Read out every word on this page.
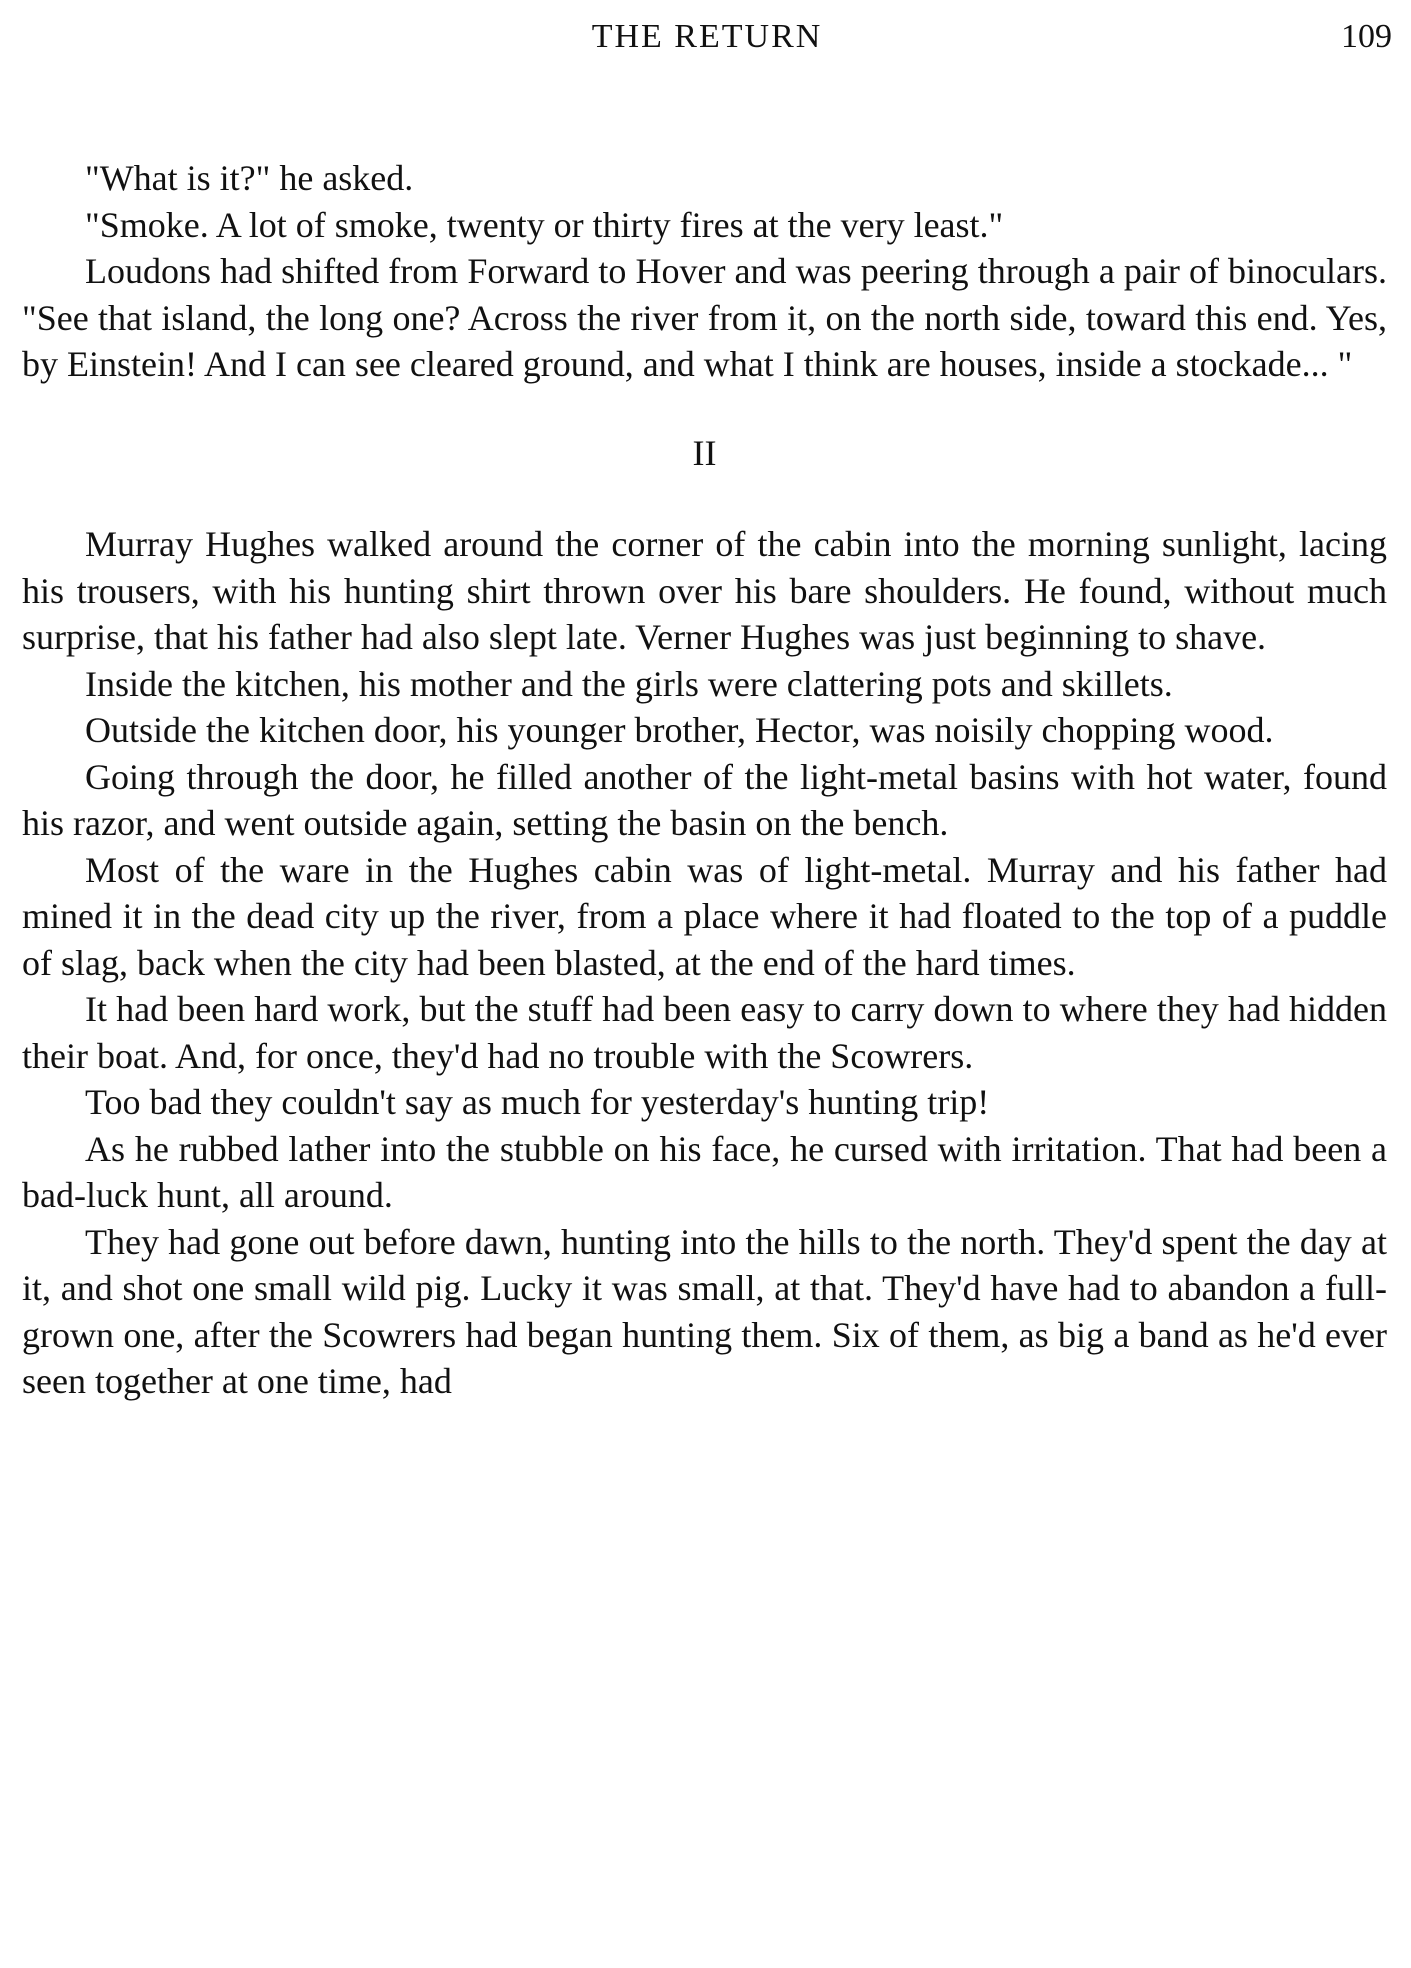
THE RETURN	109

"What is it?" he asked.

"Smoke. A lot of smoke, twenty or thirty fires at the very least."

Loudons had shifted from Forward to Hover and was peering through a pair of binoculars. "See that island, the long one? Across the river from it, on the north side, toward this end. Yes, by Einstein! And I can see cleared ground, and what I think are houses, inside a stockade... "

II

Murray Hughes walked around the corner of the cabin into the morning sunlight, lacing his trousers, with his hunting shirt thrown over his bare shoulders. He found, without much surprise, that his father had also slept late. Verner Hughes was just beginning to shave.

Inside the kitchen, his mother and the girls were clattering pots and skillets.

Outside the kitchen door, his younger brother, Hector, was noisily chopping wood.

Going through the door, he filled another of the light-metal basins with hot water, found his razor, and went outside again, setting the basin on the bench.

Most of the ware in the Hughes cabin was of light-metal. Murray and his father had mined it in the dead city up the river, from a place where it had floated to the top of a puddle of slag, back when the city had been blasted, at the end of the hard times.

It had been hard work, but the stuff had been easy to carry down to where they had hidden their boat. And, for once, they'd had no trouble with the Scowrers.

Too bad they couldn't say as much for yesterday's hunting trip!

As he rubbed lather into the stubble on his face, he cursed with irritation. That had been a bad-luck hunt, all around.

They had gone out before dawn, hunting into the hills to the north. They'd spent the day at it, and shot one small wild pig. Lucky it was small, at that. They'd have had to abandon a full-grown one, after the Scowrers had began hunting them. Six of them, as big a band as he'd ever seen together at one time, had
